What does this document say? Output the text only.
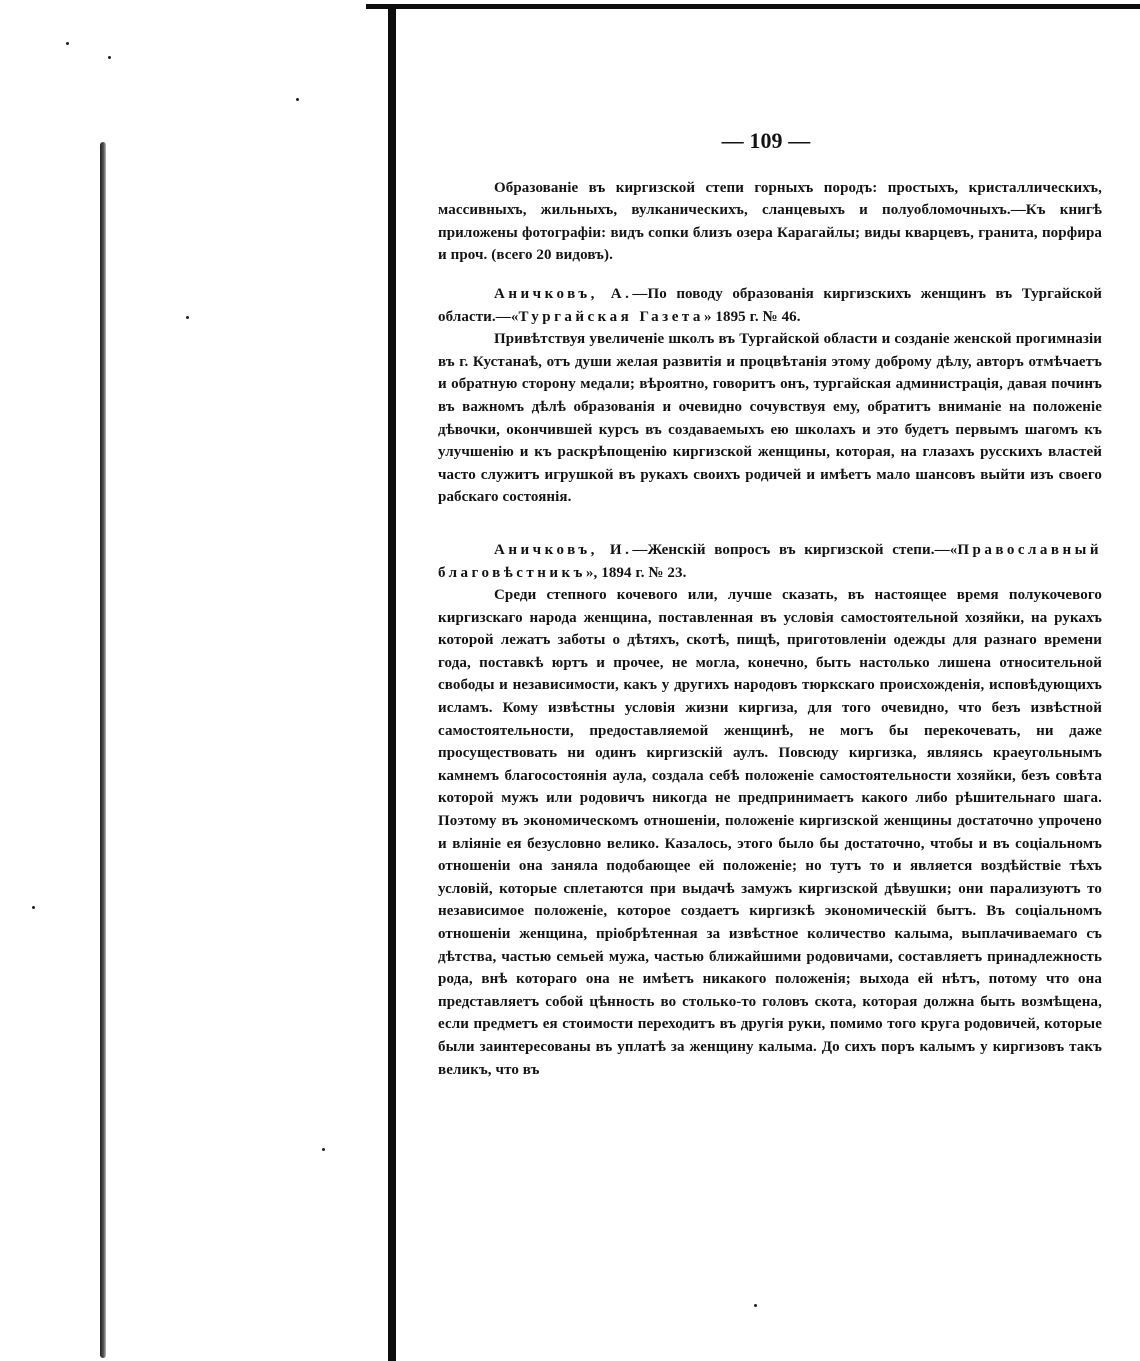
— 109 —

Образованіе въ киргизской степи горныхъ породъ: простыхъ, кристаллическихъ, массивныхъ, жильныхъ, вулканическихъ, сланцевыхъ и полуобломочныхъ.—Къ книгѣ приложены фотографіи: видъ сопки близъ озера Карагайлы; виды кварцевъ, гранита, порфира и проч. (всего 20 видовъ).

Аничковъ, А.—По поводу образованія киргизскихъ женщинъ въ Тургайской области.—«Тургайская Газета» 1895 г. № 46.

Привѣтствуя увеличеніе школъ въ Тургайской области и созданіе женской прогимназіи въ г. Кустанаѣ, отъ души желая развитія и процвѣтанія этому доброму дѣлу, авторъ отмѣчаетъ и обратную сторону медали; вѣроятно, говоритъ онъ, тургайская администрація, давая починъ въ важномъ дѣлѣ образованія и очевидно сочувствуя ему, обратитъ вниманіе на положеніе дѣвочки, окончившей курсъ въ создаваемыхъ ею школахъ и это будетъ первымъ шагомъ къ улучшенію и къ раскрѣпощенію киргизской женщины, которая, на глазахъ русскихъ властей часто служитъ игрушкой въ рукахъ своихъ родичей и имѣетъ мало шансовъ выйти изъ своего рабскаго состоянія.

Аничковъ, И.—Женскій вопросъ въ киргизской степи.—«Православный благовѣстникъ», 1894 г. № 23.

Среди степного кочевого или, лучше сказать, въ настоящее время полукочевого киргизскаго народа женщина, поставленная въ условія самостоятельной хозяйки, на рукахъ которой лежатъ заботы о дѣтяхъ, скотѣ, пищѣ, приготовленіи одежды для разнаго времени года, поставкѣ юртъ и прочее, не могла, конечно, быть настолько лишена относительной свободы и независимости, какъ у другихъ народовъ тюркскаго происхожденія, исповѣдующихъ исламъ. Кому извѣстны условія жизни киргиза, для того очевидно, что безъ извѣстной самостоятельности, предоставляемой женщинѣ, не могъ бы перекочевать, ни даже просуществовать ни одинъ киргизскій аулъ. Повсюду киргизка, являясь краеугольнымъ камнемъ благосостоянія аула, создала себѣ положеніе самостоятельности хозяйки, безъ совѣта которой мужъ или родовичъ никогда не предпринимаетъ какого либо рѣшительнаго шага. Поэтому въ экономическомъ отношеніи, положеніе киргизской женщины достаточно упрочено и вліяніе ея безусловно велико. Казалось, этого было бы достаточно, чтобы и въ соціальномъ отношеніи она заняла подобающее ей положеніе; но тутъ то и является воздѣйствіе тѣхъ условій, которые сплетаются при выдачѣ замужъ киргизской дѣвушки; они парализуютъ то независимое положеніе, которое создаетъ киргизкѣ экономическій бытъ. Въ соціальномъ отношеніи женщина, пріобрѣтенная за извѣстное количество калыма, выплачиваемаго съ дѣтства, частью семьей мужа, частью ближайшими родовичами, составляетъ принадлежность рода, внѣ котораго она не имѣетъ никакого положенія; выхода ей нѣтъ, потому что она представляетъ собой цѣнность во столько-то головъ скота, которая должна быть возмѣщена, если предметъ ея стоимости переходитъ въ другія руки, помимо того круга родовичей, которые были заинтересованы въ уплатѣ за женщину калыма. До сихъ поръ калымъ у киргизовъ такъ великъ, что въ
